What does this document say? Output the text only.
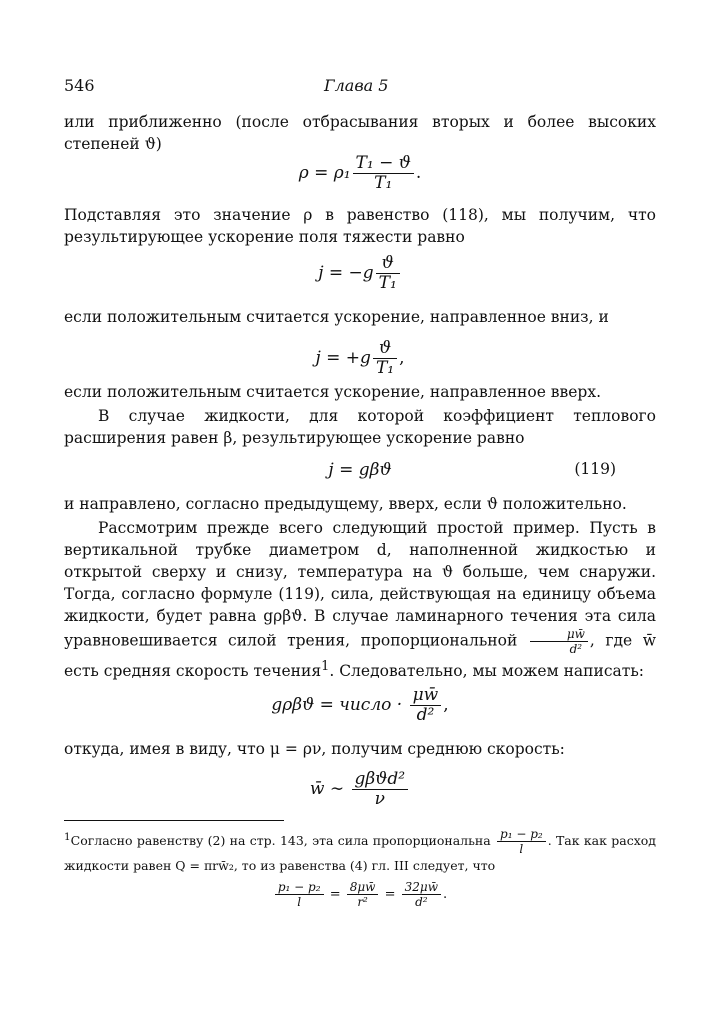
546	Глава 5

или приближенно (после отбрасывания вторых и более высоких степеней ϑ)

$\rho = \rho_1 \frac{\text{T₁ − ϑ}}{\text{T₁}}$ .

Подставляя это значение ρ в равенство (118), мы получим, что результирующее ускорение поля тяжести равно

$j = -g \frac{ϑ}{\text{T₁}}$

если положительным считается ускорение, направленное вниз, и

$j = +g \frac{ϑ}{\text{T₁}}$ ,

если положительным считается ускорение, направленное вверх.

В случае жидкости, для которой коэффициент теплового расширения равен β, результирующее ускорение равно

j = gβϑ	(119)

и направлено, согласно предыдущему, вверх, если ϑ положительно.

Рассмотрим прежде всего следующий простой пример. Пусть в вертикальной трубке диаметром d, наполненной жидкостью и открытой сверху и снизу, температура на ϑ больше, чем снаружи. Тогда, согласно формуле (119), сила, действующая на единицу объема жидкости, будет равна gρβϑ. В случае ламинарного течения эта сила уравновешивается силой трения, пропорциональной $\frac{\mu w̄}{\text{d²}}$ , где w̄ есть средняя скорость течения$^1$. Следовательно, мы можем написать:

gρβϑ = число · $\frac{\mu w̄}{\text{d²}}$ ,

откуда, имея в виду, что μ = ρν, получим среднюю скорость:

w̄ ∼ $\frac{\text{gβϑd²}}{\nu}$

$^1$Согласно равенству (2) на стр. 143, эта сила пропорциональна $\frac{\text{p₁ − p₂}}{l}$ . Так как расход жидкости равен Q = πrw̄₂, то из равенства (4) гл. III следует, что

$\frac{\text{p₁ − p₂}}{l} = \frac{8\mu w̄}{\text{r²}} = \frac{32\mu w̄}{\text{d²}}$ .
